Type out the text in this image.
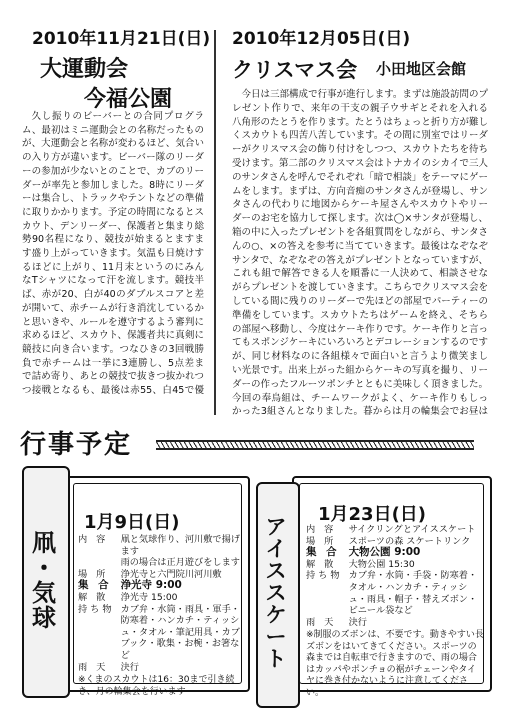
2010年11月21日(日)
大運動会
今福公園

久し振りのビーバーとの合同プログラム、最初はミニ運動会との名称だったものが、大運動会と名称が変わるほど、気合いの入り方が違います。ビーバー隊のリーダーの参加が少ないとのことで、カブのリーダーが率先と参加しました。8時にリーダーは集合し、トラックやテントなどの準備に取りかかります。予定の時間になるとスカウト、デンリーダー、保護者と集まり総勢90名程になり、競技が始まるとますます盛り上がっていきます。気温も日焼けするほどに上がり、11月末というのにみんなTシャツになって汗を流します。競技半ば、赤が20、白が40のダブルスコアと差が開いて、赤チームが行き消沈しているかと思いきや、ルールを遵守するよう審判に求めるほど、スカウト、保護者共に真剣に競技に向き合います。つなひきの3回戦勝負で赤チームは一挙に3連勝し、5点差まで詰め寄り、あとの競技で抜きつ抜かれつつ接戦となるも、最後は赤55、白45で優

2010年12月05日(日)
クリスマス会 小田地区会館

今日は三部構成で行事が進行します。まずは施設訪問のプレゼント作りで、来年の干支の親子ウサギとそれを入れる八角形のたとうを作ります。たとうはちょっと折り方が難しくスカウトも四苦八苦しています。その間に別室ではリーダーがクリスマス会の飾り付けをしつつ、スカウトたちを待ち受けます。第二部のクリスマス会はトナカイのシカイで三人のサンタさんを呼んでそれぞれ「暗で相談」をテーマにゲームをします。まずは、方向音痴のサンタさんが登場し、サンタさんの代わりに地図からケーキ屋さんやスカウトやリーダーのお宅を協力して探します。次は◯×サンタが登場し、箱の中に入ったプレゼントを各組質問をしながら、サンタさんの○、×の答えを参考に当てていきます。最後はなぞなぞサンタで、なぞなぞの答えがプレゼントとなっていますが、これも組で解答できる人を順番に一人決めて、相談させながらプレゼントを渡していきます。こちらでクリスマス会をしている間に残りのリーダーで先ほどの部屋でパーティーの準備をしています。スカウトたちはゲームを終え、そちらの部屋へ移動し、今度はケーキ作りです。ケーキ作りと言ってもスポンジケーキにいろいろとデコレーションするのですが、同じ材料なのに各組様々で面白いと言うより微笑ましい光景です。出来上がった組からケーキの写真を撮り、リーダーの作ったフルーツポンチとともに美味しく頂きました。今回の奉烏組は、チームワークがよく、ケーキ作りもしっかった3組さんとなりました。暮からは月の輪集会でお昼は

行事予定
凧
・
気
球
1月9日(日)
内 容	凧と気球作り、河川敷で揚げます
	雨の場合は正月遊びをします
場 所	浄光寺と六門院川河川敷
集 合	浄光寺 9:00
解 散	浄光寺 15:00
持ち物	カブ弁・水筒・雨具・軍手・防寒着・ハンカチ・ティッシュ・タオル・筆記用具・カブブック・歌集・お椀・お箸など
雨 天	決行
※くまのスカウトは16：30まで引き続き、月の輪集会を行います
ア
イ
ス
ス
ケ
ー
ト
1月23日(日)
内 容	サイクリングとアイススケート
場 所	スポーツの森 スケートリンク
集 合	大物公園 9:00
解 散	大物公園 15:30
持ち物	カブ弁・水筒・手袋・防寒着・タオル・ハンカチ・ティッシュ・雨具・帽子・替えズボン・ビニール袋など
雨 天	決行
※制服のズボンは、不要です。動きやすい長ズボンをはいてきてください。スポーツの森までは自転車で行きますので、雨の場合はカッパやポンチョの裾がチェーンやタイヤに巻き付かないように注意してください。
